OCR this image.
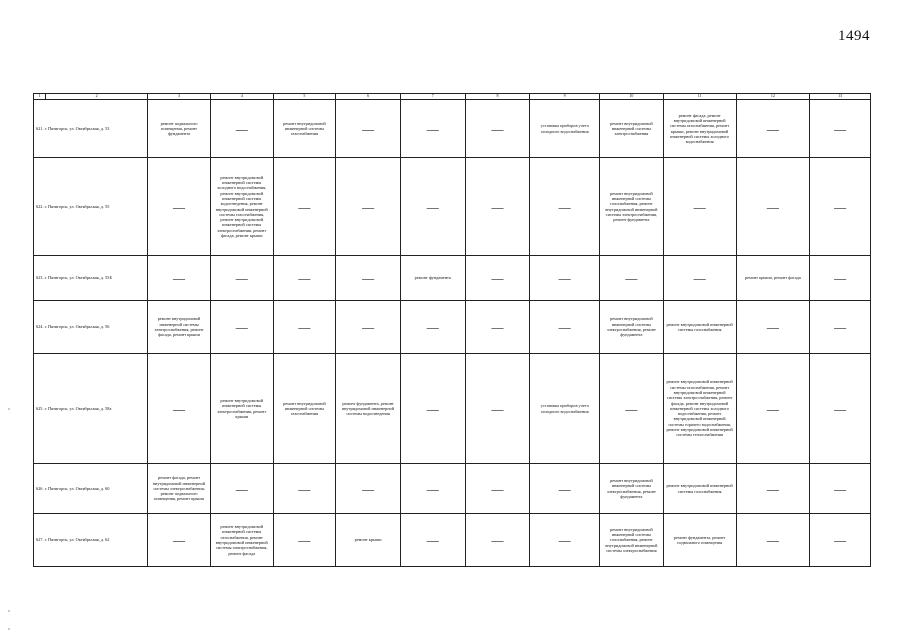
1494
1	2	3	4	5	6	7	8	9	10	11	12	13
621. г. Пятигорск, ул. Октябрьская, д. 53		ремонт подвального помещения, ремонт фундамента	—	ремонт внутридомовой инженерной системы газоснабжения	—	—	—	установка приборов учета холодного водоснабжения	ремонт внутридомовой инженерной системы электроснабжения	ремонт фасада, ремонт внутридомовой инженерной системы газоснабжения, ремонт крыши, ремонт внутридомовой инженерной системы холодного водоснабжения	—	—
622. г. Пятигорск, ул. Октябрьская, д. 55		—	ремонт внутридомовой инженерной системы холодного водоснабжения, ремонт внутридомовой инженерной системы водоотведения, ремонт внутридомовой инженерной системы газоснабжения, ремонт внутридомовой инженерной системы электроснабжения, ремонт фасада, ремонт крыши	—	—	—	—	—	ремонт внутридомовой инженерной системы газоснабжения, ремонт внутридомовой инженерной системы электроснабжения, ремонт фундамента	—	—	—
623. г. Пятигорск, ул. Октябрьская, д. 55Б		—	—	—	—	ремонт фундамента	—	—	—	—	ремонт крыши, ремонт фасада	—
624. г. Пятигорск, ул. Октябрьская, д. 56		ремонт внутридомовой инженерной системы электроснабжения, ремонт фасада, ремонт крыши	—	—	—	—	—	—	ремонт внутридомовой инженерной системы электроснабжения, ремонт фундамента	ремонт внутридомовой инженерной системы газоснабжения	—	—
625. г. Пятигорск, ул. Октябрьская, д. 58а		—	ремонт внутридомовой инженерной системы электроснабжения, ремонт крыши	ремонт внутридомовой инженерной системы газоснабжения	ремонт фундамента, ремонт внутридомовой инженерной системы водоотведения	—	—	установка приборов учета холодного водоснабжения	—	ремонт внутридомовой инженерной системы газоснабжения, ремонт внутридомовой инженерной системы электроснабжения, ремонт фасада, ремонт внутридомовой инженерной системы холодного водоснабжения, ремонт внутридомовой инженерной системы горячего водоснабжения, ремонт внутридомовой инженерной системы теплоснабжения	—	—
626. г. Пятигорск, ул. Октябрьская, д. 60		ремонт фасада, ремонт внутридомовой инженерной системы электроснабжения, ремонт подвального помещения, ремонт крыши	—	—	—	—	—	—	ремонт внутридомовой инженерной системы электроснабжения, ремонт фундамента	ремонт внутридомовой инженерной системы газоснабжения	—	—
627. г. Пятигорск, ул. Октябрьская, д. 62		—	ремонт внутридомовой инженерной системы газоснабжения, ремонт внутридомовой инженерной системы электроснабжения, ремонт фасада	—	ремонт крыши	—	—	—	ремонт внутридомовой инженерной системы газоснабжения, ремонт внутридомовой инженерной системы электроснабжения	ремонт фундамента, ремонт подвального помещения	—	—
